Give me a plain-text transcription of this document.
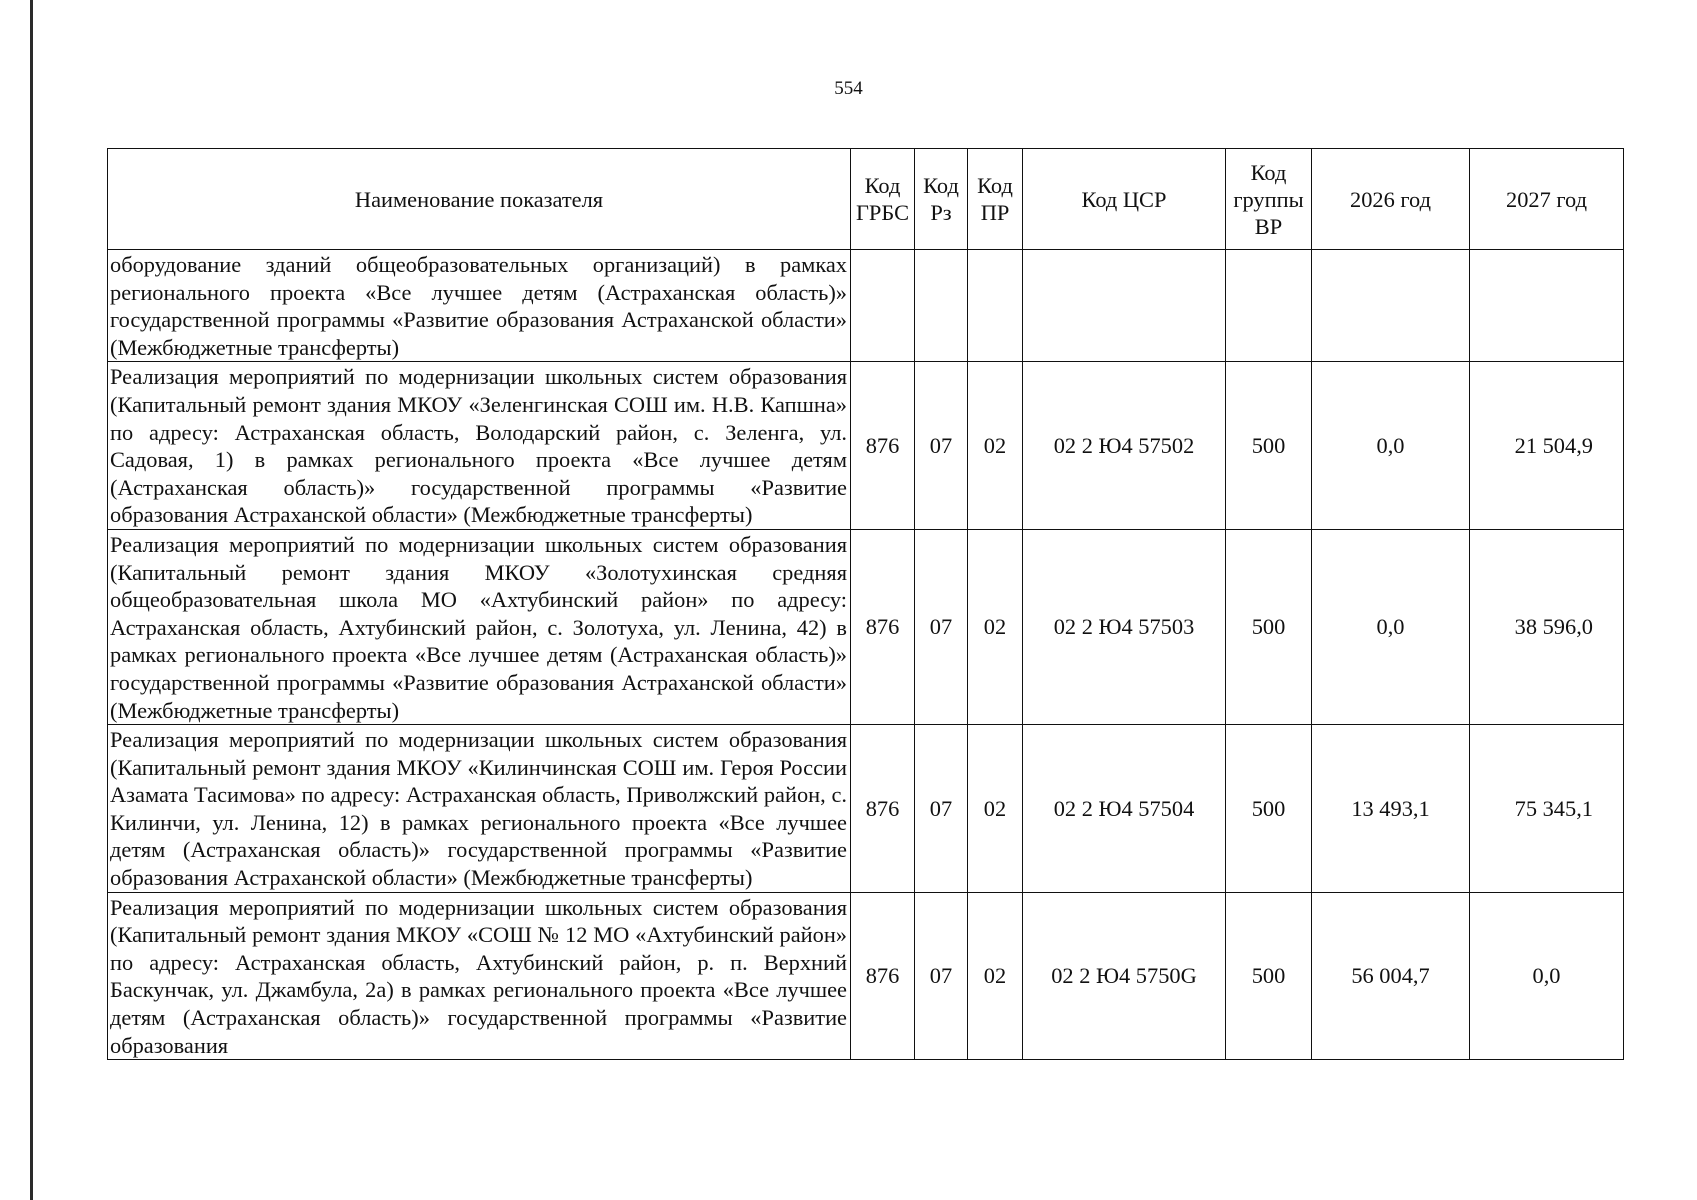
554
Наименование показателя	Код ГРБС	Код Рз	Код ПР	Код ЦСР	Код группы ВР	2026 год	2027 год
оборудование зданий общеобразовательных организаций) в рамках регионального проекта «Все лучшее детям (Астраханская область)» государственной программы «Развитие образования Астраханской области» (Межбюджетные трансферты)							
Реализация мероприятий по модернизации школьных систем образования (Капитальный ремонт здания МКОУ «Зеленгинская СОШ им. Н.В. Капшна» по адресу: Астраханская область, Володарский район, с. Зеленга, ул. Садовая, 1) в рамках регионального проекта «Все лучшее детям (Астраханская область)» государственной программы «Развитие образования Астраханской области» (Межбюджетные трансферты)	876	07	02	02 2 Ю4 57502	500	0,0	21 504,9
Реализация мероприятий по модернизации школьных систем образования (Капитальный ремонт здания МКОУ «Золотухинская средняя общеобразовательная школа МО «Ахтубинский район» по адресу: Астраханская область, Ахтубинский район, с. Золотуха, ул. Ленина, 42) в рамках регионального проекта «Все лучшее детям (Астраханская область)» государственной программы «Развитие образования Астраханской области» (Межбюджетные трансферты)	876	07	02	02 2 Ю4 57503	500	0,0	38 596,0
Реализация мероприятий по модернизации школьных систем образования (Капитальный ремонт здания МКОУ «Килинчинская СОШ им. Героя России Азамата Тасимова» по адресу: Астраханская область, Приволжский район, с. Килинчи, ул. Ленина, 12) в рамках регионального проекта «Все лучшее детям (Астраханская область)» государственной программы «Развитие образования Астраханской области» (Межбюджетные трансферты)	876	07	02	02 2 Ю4 57504	500	13 493,1	75 345,1
Реализация мероприятий по модернизации школьных систем образования (Капитальный ремонт здания МКОУ «СОШ № 12 МО «Ахтубинский район» по адресу: Астраханская область, Ахтубинский район, р. п. Верхний Баскунчак, ул. Джамбула, 2а) в рамках регионального проекта «Все лучшее детям (Астраханская область)» государственной программы «Развитие образования	876	07	02	02 2 Ю4 5750G	500	56 004,7	0,0
